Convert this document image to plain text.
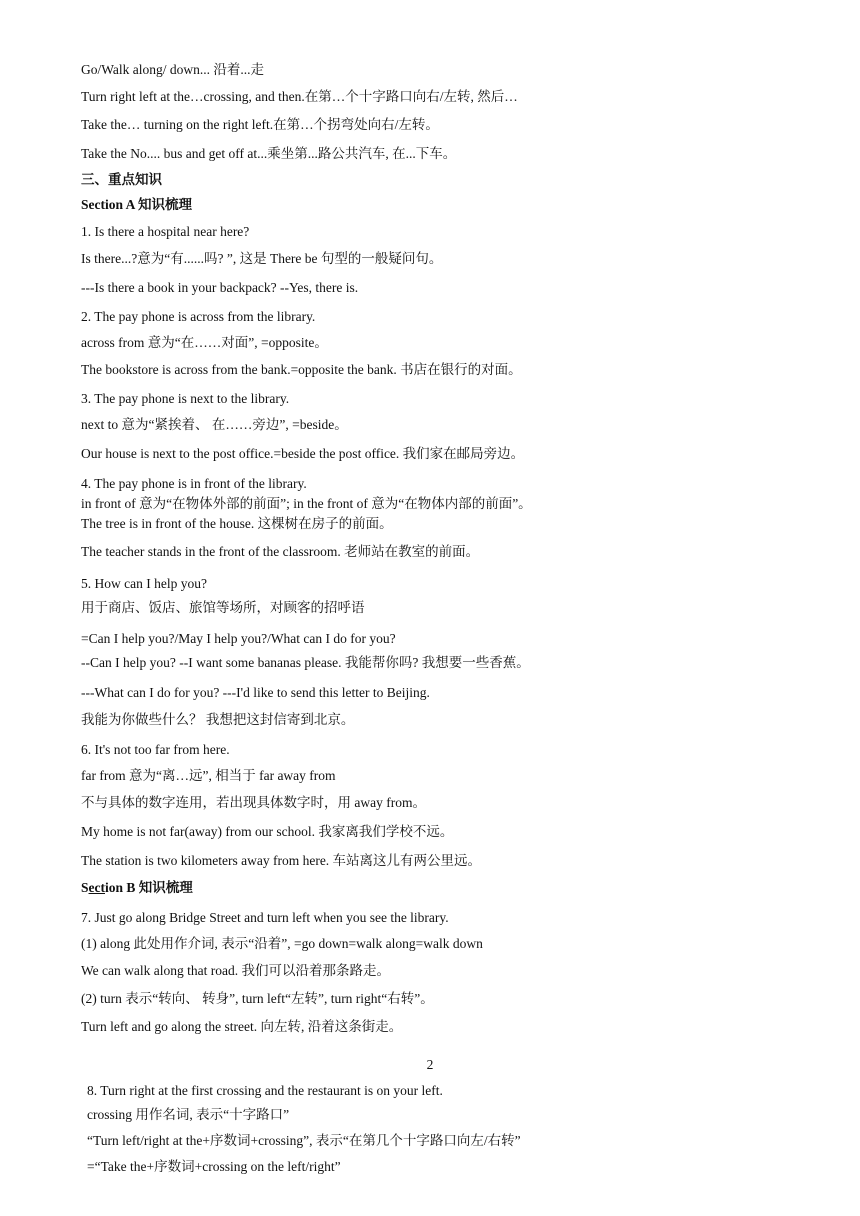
Go/Walk along/ down... 沿着...走
Turn right left at the…crossing, and then.在第…个十字路口向右/左转, 然后…
Take the… turning on the right left.在第…个拐弯处向右/左转。
Take the No.... bus and get off at...乘坐第...路公共汽车, 在...下车。
三、重点知识
Section A 知识梳理
1. Is there a hospital near here?
Is there...?意为“有......吗? ”, 这是 There be 句型的一般疑问句。
---Is there a book in your backpack? --Yes, there is.
2. The pay phone is across from the library.
across from 意为“在……对面”, =opposite。
The bookstore is across from the bank.=opposite the bank. 书店在银行的对面。
3. The pay phone is next to the library.
next to 意为“紧挨着、 在……旁边”, =beside。
Our house is next to the post office.=beside the post office. 我们家在邮局旁边。
4. The pay phone is in front of the library.
in front of 意为“在物体外部的前面”; in the front of 意为“在物体内部的前面”。
The tree is in front of the house. 这棵树在房子的前面。
The teacher stands in the front of the classroom. 老师站在教室的前面。
5. How can I help you?
用于商店、饭店、旅馆等场所，对顾客的招呼语
=Can I help you?/May I help you?/What can I do for you?
--Can I help you? --I want some bananas please. 我能帮你吗? 我想要一些香蕉。
---What can I do for you? ---I'd like to send this letter to Beijing.
我能为你做些什么？ 我想把这封信寄到北京。
6. It's not too far from here.
far from 意为“离…远”, 相当于 far away from
不与具体的数字连用，若出现具体数字时，用 away from。
My home is not far(away) from our school. 我家离我们学校不远。
The station is two kilometers away from here. 车站离这儿有两公里远。
Section B 知识梳理
7. Just go along Bridge Street and turn left when you see the library.
(1) along 此处用作介词, 表示“沿着”, =go down=walk along=walk down
We can walk along that road. 我们可以沿着那条路走。
(2) turn 表示“转向、 转身”, turn left“左转”, turn right“右转”。
Turn left and go along the street. 向左转, 沿着这条街走。
2
8. Turn right at the first crossing and the restaurant is on your left.
crossing 用作名词, 表示“十字路口”
“Turn left/right at the+序数词+crossing”, 表示“在第几个十字路口向左/右转”
=“Take the+序数词+crossing on the left/right”
